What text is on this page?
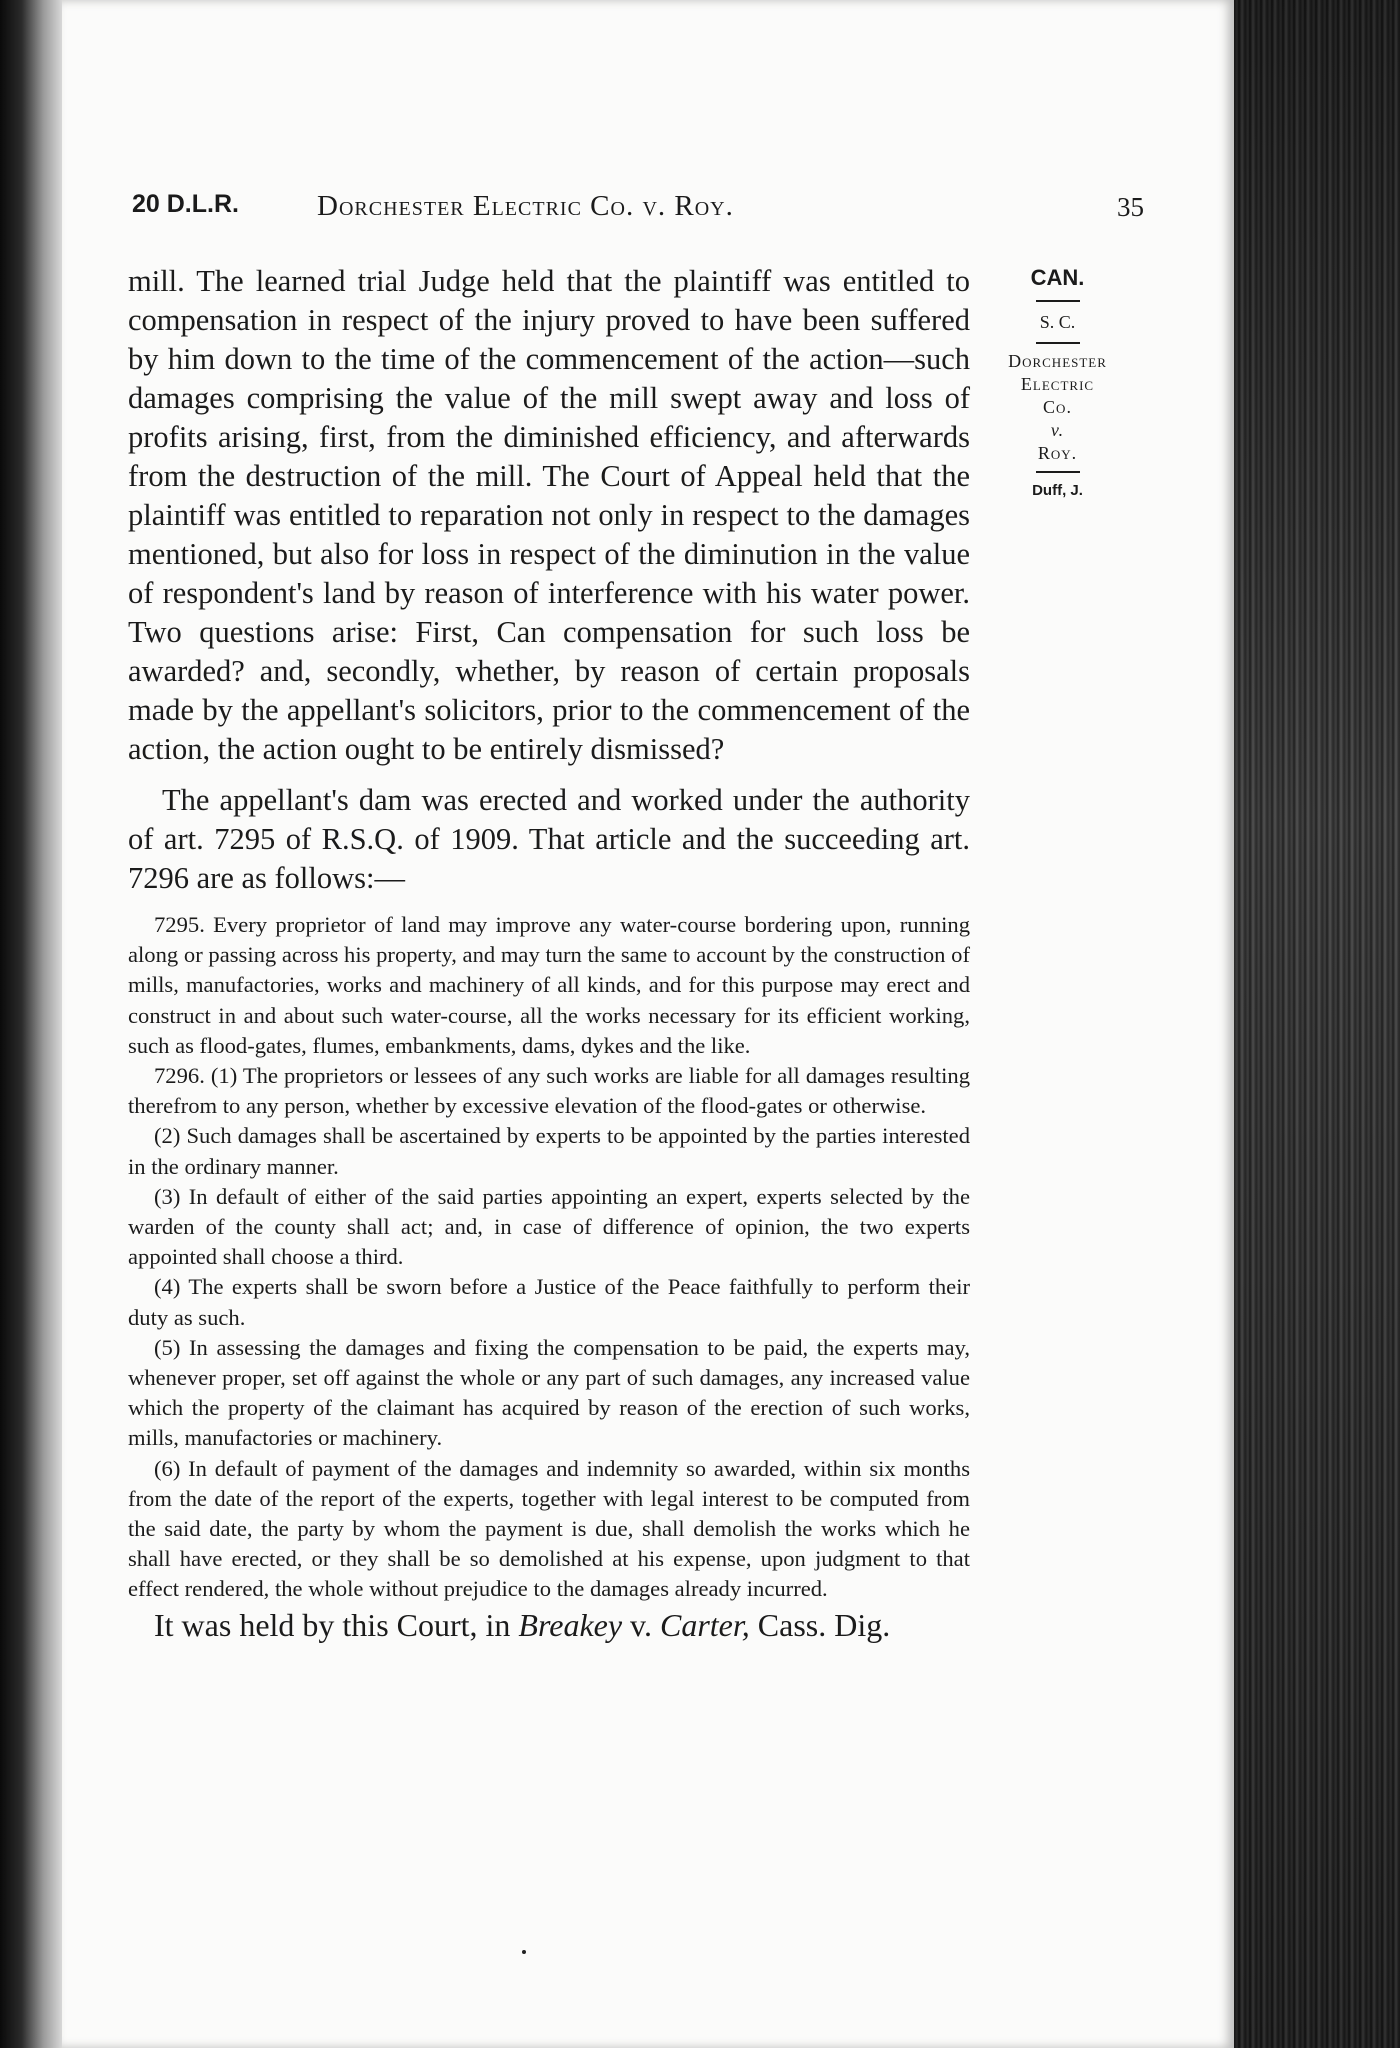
20 D.L.R.	Dorchester Electric Co. v. Roy.	35

mill. The learned trial Judge held that the plaintiff was entitled to compensation in respect of the injury proved to have been suffered by him down to the time of the commencement of the action—such damages comprising the value of the mill swept away and loss of profits arising, first, from the diminished efficiency, and afterwards from the destruction of the mill. The Court of Appeal held that the plaintiff was entitled to reparation not only in respect to the damages mentioned, but also for loss in respect of the diminution in the value of respondent's land by reason of interference with his water power. Two questions arise: First, Can compensation for such loss be awarded? and, secondly, whether, by reason of certain proposals made by the appellant's solicitors, prior to the commencement of the action, the action ought to be entirely dismissed?

The appellant's dam was erected and worked under the authority of art. 7295 of R.S.Q. of 1909. That article and the succeeding art. 7296 are as follows:—

7295. Every proprietor of land may improve any water-course bordering upon, running along or passing across his property, and may turn the same to account by the construction of mills, manufactories, works and machinery of all kinds, and for this purpose may erect and construct in and about such water-course, all the works necessary for its efficient working, such as flood-gates, flumes, embankments, dams, dykes and the like.

7296. (1) The proprietors or lessees of any such works are liable for all damages resulting therefrom to any person, whether by excessive elevation of the flood-gates or otherwise.

(2) Such damages shall be ascertained by experts to be appointed by the parties interested in the ordinary manner.

(3) In default of either of the said parties appointing an expert, experts selected by the warden of the county shall act; and, in case of difference of opinion, the two experts appointed shall choose a third.

(4) The experts shall be sworn before a Justice of the Peace faithfully to perform their duty as such.

(5) In assessing the damages and fixing the compensation to be paid, the experts may, whenever proper, set off against the whole or any part of such damages, any increased value which the property of the claimant has acquired by reason of the erection of such works, mills, manufactories or machinery.

(6) In default of payment of the damages and indemnity so awarded, within six months from the date of the report of the experts, together with legal interest to be computed from the said date, the party by whom the payment is due, shall demolish the works which he shall have erected, or they shall be so demolished at his expense, upon judgment to that effect rendered, the whole without prejudice to the damages already incurred.

It was held by this Court, in Breakey v. Carter, Cass. Dig.

CAN.
S. C.
Dorchester
Electric
Co.
v.
Roy.
Duff, J.
